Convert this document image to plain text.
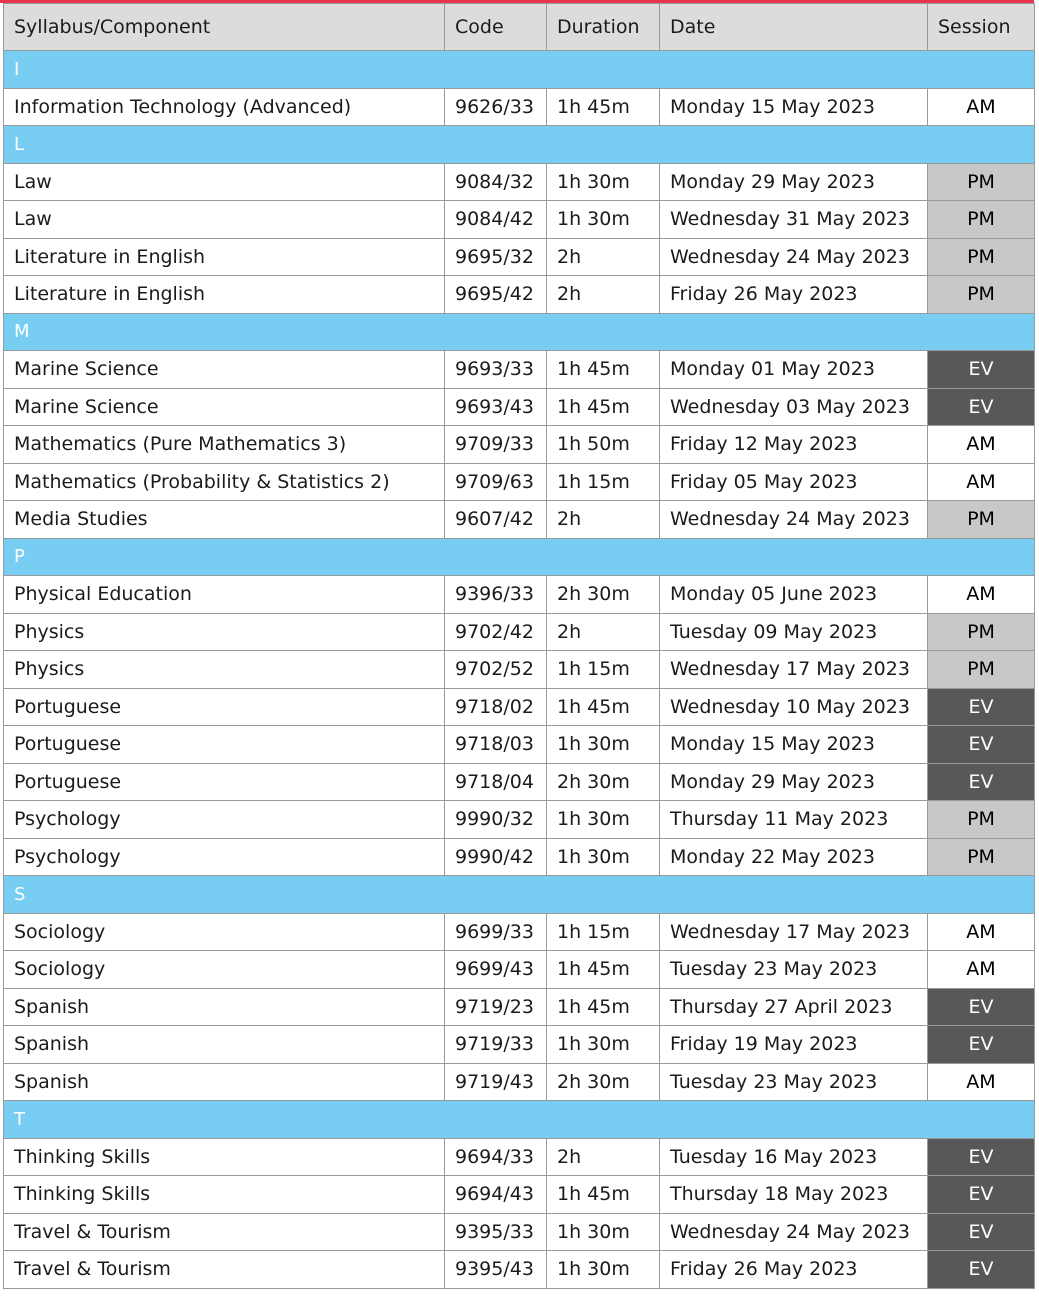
Syllabus/Component	Code	Duration	Date	Session
I				
Information Technology (Advanced)	9626/33	1h 45m	Monday 15 May 2023	AM
L				
Law	9084/32	1h 30m	Monday 29 May 2023	PM
Law	9084/42	1h 30m	Wednesday 31 May 2023	PM
Literature in English	9695/32	2h	Wednesday 24 May 2023	PM
Literature in English	9695/42	2h	Friday 26 May 2023	PM
M				
Marine Science	9693/33	1h 45m	Monday 01 May 2023	EV
Marine Science	9693/43	1h 45m	Wednesday 03 May 2023	EV
Mathematics (Pure Mathematics 3)	9709/33	1h 50m	Friday 12 May 2023	AM
Mathematics (Probability & Statistics 2)	9709/63	1h 15m	Friday 05 May 2023	AM
Media Studies	9607/42	2h	Wednesday 24 May 2023	PM
P				
Physical Education	9396/33	2h 30m	Monday 05 June 2023	AM
Physics	9702/42	2h	Tuesday 09 May 2023	PM
Physics	9702/52	1h 15m	Wednesday 17 May 2023	PM
Portuguese	9718/02	1h 45m	Wednesday 10 May 2023	EV
Portuguese	9718/03	1h 30m	Monday 15 May 2023	EV
Portuguese	9718/04	2h 30m	Monday 29 May 2023	EV
Psychology	9990/32	1h 30m	Thursday 11 May 2023	PM
Psychology	9990/42	1h 30m	Monday 22 May 2023	PM
S				
Sociology	9699/33	1h 15m	Wednesday 17 May 2023	AM
Sociology	9699/43	1h 45m	Tuesday 23 May 2023	AM
Spanish	9719/23	1h 45m	Thursday 27 April 2023	EV
Spanish	9719/33	1h 30m	Friday 19 May 2023	EV
Spanish	9719/43	2h 30m	Tuesday 23 May 2023	AM
T				
Thinking Skills	9694/33	2h	Tuesday 16 May 2023	EV
Thinking Skills	9694/43	1h 45m	Thursday 18 May 2023	EV
Travel & Tourism	9395/33	1h 30m	Wednesday 24 May 2023	EV
Travel & Tourism	9395/43	1h 30m	Friday 26 May 2023	EV
